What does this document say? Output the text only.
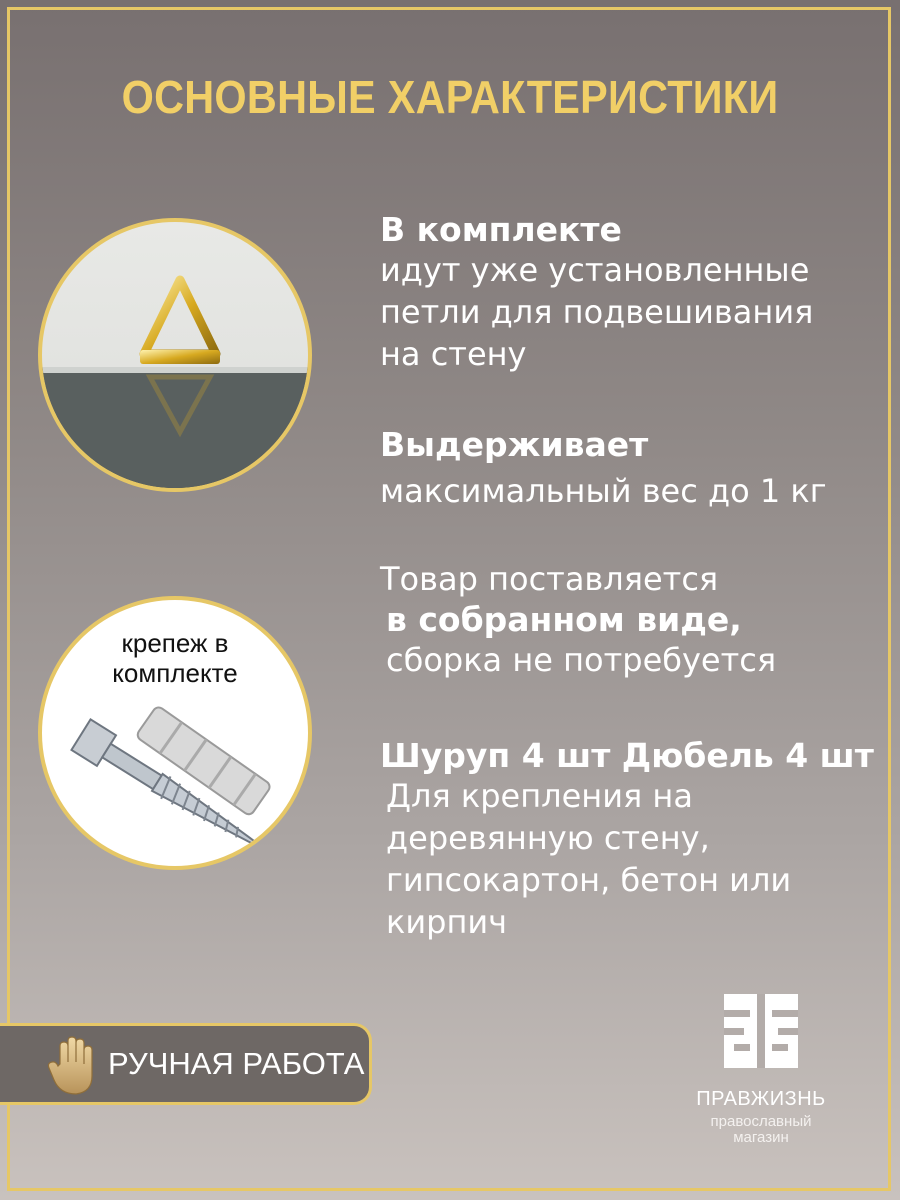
ОСНОВНЫЕ ХАРАКТЕРИСТИКИ
крепеж в
комплекте
В комплекте
идут уже установленные
петли для подвешивания
на стену
Выдерживает
максимальный вес до 1 кг
Товар поставляется
в собранном виде,
сборка не потребуется
Шуруп 4 шт Дюбель 4 шт
Для крепления на
деревянную стену,
гипсокартон, бетон или
кирпич
РУЧНАЯ РАБОТА
ПРАВЖИЗНЬ
православный
магазин
